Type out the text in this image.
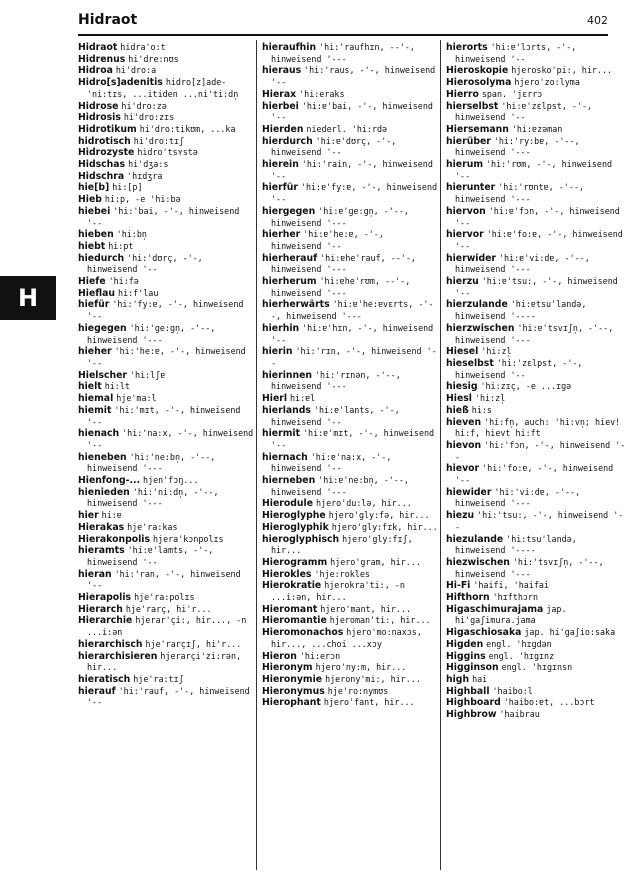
Hidraot	402
H

Hidraot hidra'o:t

Hidrenus hi'dre:nʊs

Hidroa hi'dro:a

Hidro[s]adenitis hidro[z]ade-'ni:tɪs, ...itiden ...ni'ti:dn̩

Hidrose hi'dro:zə

Hidrosis hi'dro:zɪs

Hidrotikum hi'dro:tikʊm, ...ka

hidrotisch hi'dro:tɪʃ

Hidrozyste hidro'tsʏstə

Hidschas hi'dʒa:s

Hidschra 'hɪdʒra

hie[b] hi:[p]

Hieb hi:p, -e 'hi:bə

hiebei 'hi:'bai, -'-, hinweisend '--

hieben 'hi:bn̩

hiebt hi:pt

hiedurch 'hi:'dʊrç, -'-, hinweisend '--

Hiefe 'hi:fə

Hieflau hi:f'lau

hiefür 'hi:'fy:ɐ, -'-, hinweisend '--

hiegegen 'hi:'ge:gn̩, -'--, hinweisend '---

hieher 'hi:'he:ɐ, -'-, hinweisend '--

Hielscher 'hi:lʃɐ

hielt hi:lt

hiemal hje'ma:l

hiemit 'hi:'mɪt, -'-, hinweisend '--

hienach 'hi:'na:x, -'-, hinweisend '--

hieneben 'hi:'ne:bn̩, -'--, hinweisend '---

Hienfong-... hjen'fɔŋ...

hienieden 'hi:'ni:dn̩, -'--, hinweisend '---

hier hi:ɐ

Hierakas hje'ra:kas

Hierakonpolis hjera'kɔnpolɪs

hieramts 'hi:ɐ'lamts, -'-, hinweisend '--

hieran 'hi:'ran, -'-, hinweisend '--

Hierapolis hje'ra:polɪs

Hierarch hje'rarç, hi'r...

Hierarchie hjerar'çi:, hir..., -n ...i:ən

hierarchisch hje'rarçɪʃ, hi'r...

hierarchisieren hjerarçi'zi:rən, hir...

hieratisch hje'ra:tɪʃ

hierauf 'hi:'rauf, -'-, hinweisend '--

hieraufhin 'hi:'raufhɪn, --'-, hinweisend '---

hieraus 'hi:'raus, -'-, hinweisend '--

Hierax 'hi:eraks

hierbei 'hi:ɐ'bai, -'-, hinweisend '--

Hierden niederl. 'hi:rdə

hierdurch 'hi:ɐ'dʊrç, -'-, hinweisend '--

hierein 'hi:'rain, -'-, hinweisend '--

hierfür 'hi:ɐ'fy:ɐ, -'-, hinweisend '--

hiergegen 'hi:ɐ'ge:gn̩, -'--, hinweisend '---

hierher 'hi:ɐ'he:ɐ, -'-, hinweisend '--

hierherauf 'hi:ɐhe'rauf, --'-, hinweisend '---

hierherum 'hi:ɐhe'rʊm, --'-, hinweisend '---

hierherwärts 'hi:ɐ'he:ɐvɛrts, -'--, hinweisend '---

hierhin 'hi:ɐ'hɪn, -'-, hinweisend '--

hierin 'hi:'rɪn, -'-, hinweisend '--

hierinnen 'hi:'rɪnən, -'--, hinweisend '---

Hierl hi:ɐl

hierlands 'hi:ɐ'lants, -'-, hinweisend '--

hiermit 'hi:ɐ'mɪt, -'-, hinweisend '--

hiernach 'hi:ɐ'na:x, -'-, hinweisend '--

hierneben 'hi:ɐ'ne:bn̩, -'--, hinweisend '---

Hierodule hjero'du:lə, hir...

Hieroglyphe hjero'gly:fə, hir...

Hieroglyphik hjero'gly:fɪk, hir...

hieroglyphisch hjero'gly:fɪʃ, hir...

Hierogramm hjero'gram, hir...

Hierokles 'hje:rokles

Hierokratie hjerokra'ti:, -n ...i:ən, hir...

Hieromant hjero'mant, hir...

Hieromantie hjeroman'ti:, hir...

Hieromonachos hjero'mo:naxɔs, hir..., ...choi ...xɔy

Hieron 'hi:erɔn

Hieronym hjero'ny:m, hir...

Hieronymie hjerony'mi:, hir...

Hieronymus hje'ro:nymʊs

Hierophant hjero'fant, hir...

hierorts 'hi:ɐ'lɔrts, -'-, hinweisend '--

Hieroskopie hjerosko'pi:, hir...

Hierosolyma hjero'zo:lyma

Hierro span. 'jɛrrɔ

hierselbst 'hi:ɐ'zɛlpst, -'-, hinweisend '--

Hiersemann 'hi:ɐzəman

hierüber 'hi:'ry:bɐ, -'--, hinweisend '---

hierum 'hi:'rʊm, -'-, hinweisend '--

hierunter 'hi:'rʊntɐ, -'--, hinweisend '---

hiervon 'hi:ɐ'fɔn, -'-, hinweisend '--

hiervor 'hi:ɐ'fo:ɐ, -'-, hinweisend '--

hierwider 'hi:ɐ'vi:dɐ, -'--, hinweisend '---

hierzu 'hi:ɐ'tsu:, -'-, hinweisend '--

hierzulande 'hi:ɐtsu'landə, hinweisend '----

hierzwischen 'hi:ɐ'tsvɪʃn̩, -'--, hinweisend '---

Hiesel 'hi:zl̩

hieselbst 'hi:'zɛlpst, -'-, hinweisend '--

hiesig 'hi:zɪç, -e ...ɪgə

Hiesl 'hi:zl̩

hieß hi:s

hieven 'hi:fn̩, auch: 'hi:vn̩; hiev! hi:f, hievt hi:ft

hievon 'hi:'fɔn, -'-, hinweisend '--

hievor 'hi:'fo:ɐ, -'-, hinweisend '--

hiewider 'hi:'vi:dɐ, -'--, hinweisend '---

hiezu 'hi:'tsu:, -'-, hinweisend '--

hiezulande 'hi:tsu'landə, hinweisend '----

hiezwischen 'hi:'tsvɪʃn̩, -'--, hinweisend '---

Hi-Fi 'haifi, 'haifai

Hifthorn 'hɪfthɔrn

Higaschimurajama jap. hi'gaʃimura.jama

Higaschiosaka jap. hi'gaʃio:saka

Higden engl. 'hɪgdən

Higgins engl. 'hɪgɪnz

Higginson engl. 'hɪgɪnsn

high hai

Highball 'haibo:l

Highboard 'haibo:ɐt, ...bɔrt

Highbrow 'haibrau
